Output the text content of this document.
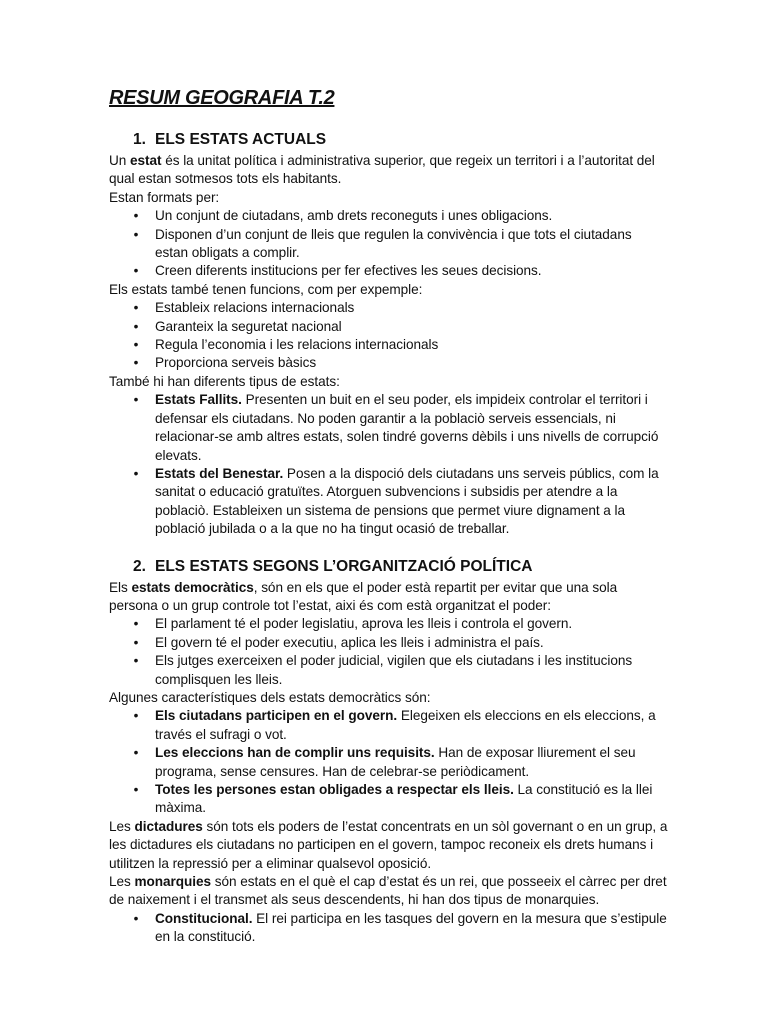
RESUM GEOGRAFIA T.2
1. ELS ESTATS ACTUALS

Un estat és la unitat política i administrativa superior, que regeix un territori i a l’autoritat del qual estan sotmesos tots els habitants.

Estan formats per:

• Un conjunt de ciutadans, amb drets reconeguts i unes obligacions.
• Disponen d’un conjunt de lleis que regulen la convivència i que tots el ciutadans estan obligats a complir.
• Creen diferents institucions per fer efectives les seues decisions.

Els estats també tenen funcions, com per expemple:

• Estableix relacions internacionals
• Garanteix la seguretat nacional
• Regula l’economia i les relacions internacionals
• Proporciona serveis bàsics

També hi han diferents tipus de estats:

• Estats Fallits. Presenten un buit en el seu poder, els impideix controlar el territori i defensar els ciutadans. No poden garantir a la poblaciò serveis essencials, ni relacionar-se amb altres estats, solen tindré governs dèbils i uns nivells de corrupció elevats.
• Estats del Benestar. Posen a la dispoció dels ciutadans uns serveis públics, com la sanitat o educació gratuïtes. Atorguen subvencions i subsidis per atendre a la poblaciò. Estableixen un sistema de pensions que permet viure dignament a la població jubilada o a la que no ha tingut ocasió de treballar.
2. ELS ESTATS SEGONS L’ORGANITZACIÓ POLÍTICA

Els estats democràtics, són en els que el poder està repartit per evitar que una sola persona o un grup controle tot l’estat, aixi és com està organitzat el poder:

• El parlament té el poder legislatiu, aprova les lleis i controla el govern.
• El govern té el poder executiu, aplica les lleis i administra el país.
• Els jutges exerceixen el poder judicial, vigilen que els ciutadans i les institucions complisquen les lleis.

Algunes característiques dels estats democràtics són:

• Els ciutadans participen en el govern. Elegeixen els eleccions en els eleccions, a través el sufragi o vot.
• Les eleccions han de complir uns requisits. Han de exposar lliurement el seu programa, sense censures. Han de celebrar-se periòdicament.
• Totes les persones estan obligades a respectar els lleis. La constitució es la llei màxima.

Les dictadures són tots els poders de l’estat concentrats en un sòl governant o en un grup, a les dictadures els ciutadans no participen en el govern, tampoc reconeix els drets humans i utilitzen la repressió per a eliminar qualsevol oposició.

Les monarquies són estats en el què el cap d’estat és un rei, que posseeix el càrrec per dret de naixement i el transmet als seus descendents, hi han dos tipus de monarquies.

• Constitucional. El rei participa en les tasques del govern en la mesura que s’estipule en la constitució.
